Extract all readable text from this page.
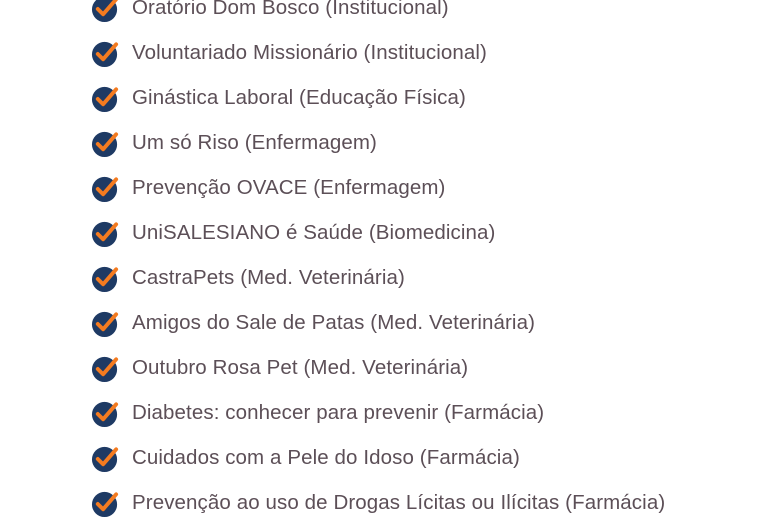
Oratório Dom Bosco (Institucional)
Voluntariado Missionário (Institucional)
Ginástica Laboral (Educação Física)
Um só Riso (Enfermagem)
Prevenção OVACE (Enfermagem)
UniSALESIANO é Saúde (Biomedicina)
CastraPets (Med. Veterinária)
Amigos do Sale de Patas (Med. Veterinária)
Outubro Rosa Pet (Med. Veterinária)
Diabetes: conhecer para prevenir (Farmácia)
Cuidados com a Pele do Idoso (Farmácia)
Prevenção ao uso de Drogas Lícitas ou Ilícitas (Farmácia)
